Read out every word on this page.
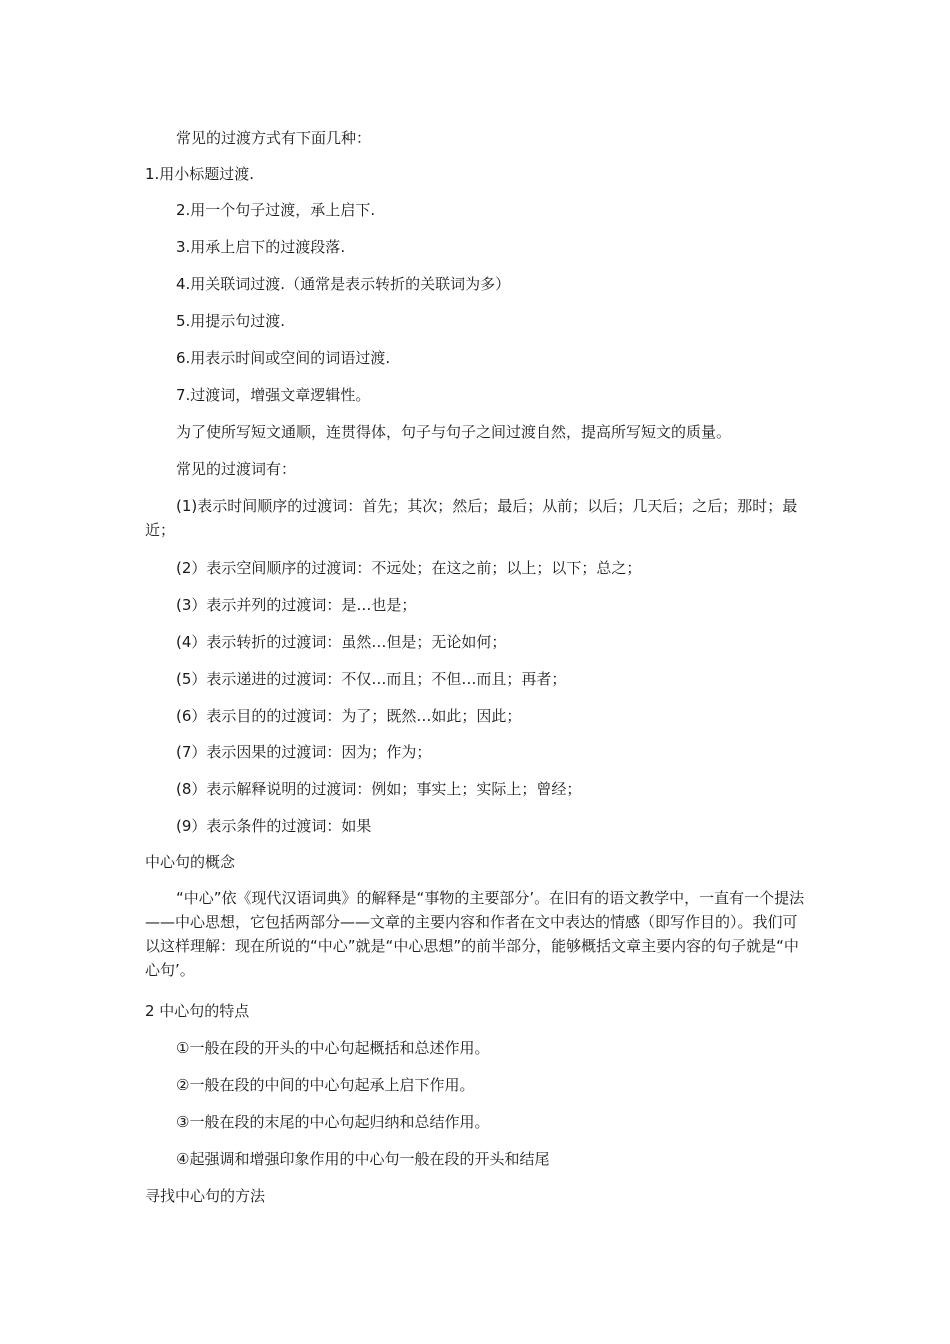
常见的过渡方式有下面几种：
1.用小标题过渡.
2.用一个句子过渡，承上启下.
3.用承上启下的过渡段落.
4.用关联词过渡.（通常是表示转折的关联词为多）
5.用提示句过渡.
6.用表示时间或空间的词语过渡.
7.过渡词，增强文章逻辑性。
为了使所写短文通顺，连贯得体，句子与句子之间过渡自然，提高所写短文的质量。
常见的过渡词有：
(1)表示时间顺序的过渡词：首先；其次；然后；最后；从前；以后；几天后；之后；那时；最近；
(2）表示空间顺序的过渡词：不远处；在这之前；以上；以下；总之；
(3）表示并列的过渡词：是…也是；
(4）表示转折的过渡词：虽然…但是；无论如何；
(5）表示递进的过渡词：不仅…而且；不但…而且；再者；
(6）表示目的的过渡词：为了；既然…如此；因此；
(7）表示因果的过渡词：因为；作为；
(8）表示解释说明的过渡词：例如；事实上；实际上；曾经；
(9）表示条件的过渡词：如果
中心句的概念
“中心”依《现代汉语词典》的解释是“事物的主要部分’。在旧有的语文教学中，一直有一个提法——中心思想，它包括两部分——文章的主要内容和作者在文中表达的情感（即写作目的）。我们可以这样理解：现在所说的“中心”就是“中心思想”的前半部分，能够概括文章主要内容的句子就是“中心句’。
2 中心句的特点
①一般在段的开头的中心句起概括和总述作用。
②一般在段的中间的中心句起承上启下作用。
③一般在段的末尾的中心句起归纳和总结作用。
④起强调和增强印象作用的中心句一般在段的开头和结尾
寻找中心句的方法
